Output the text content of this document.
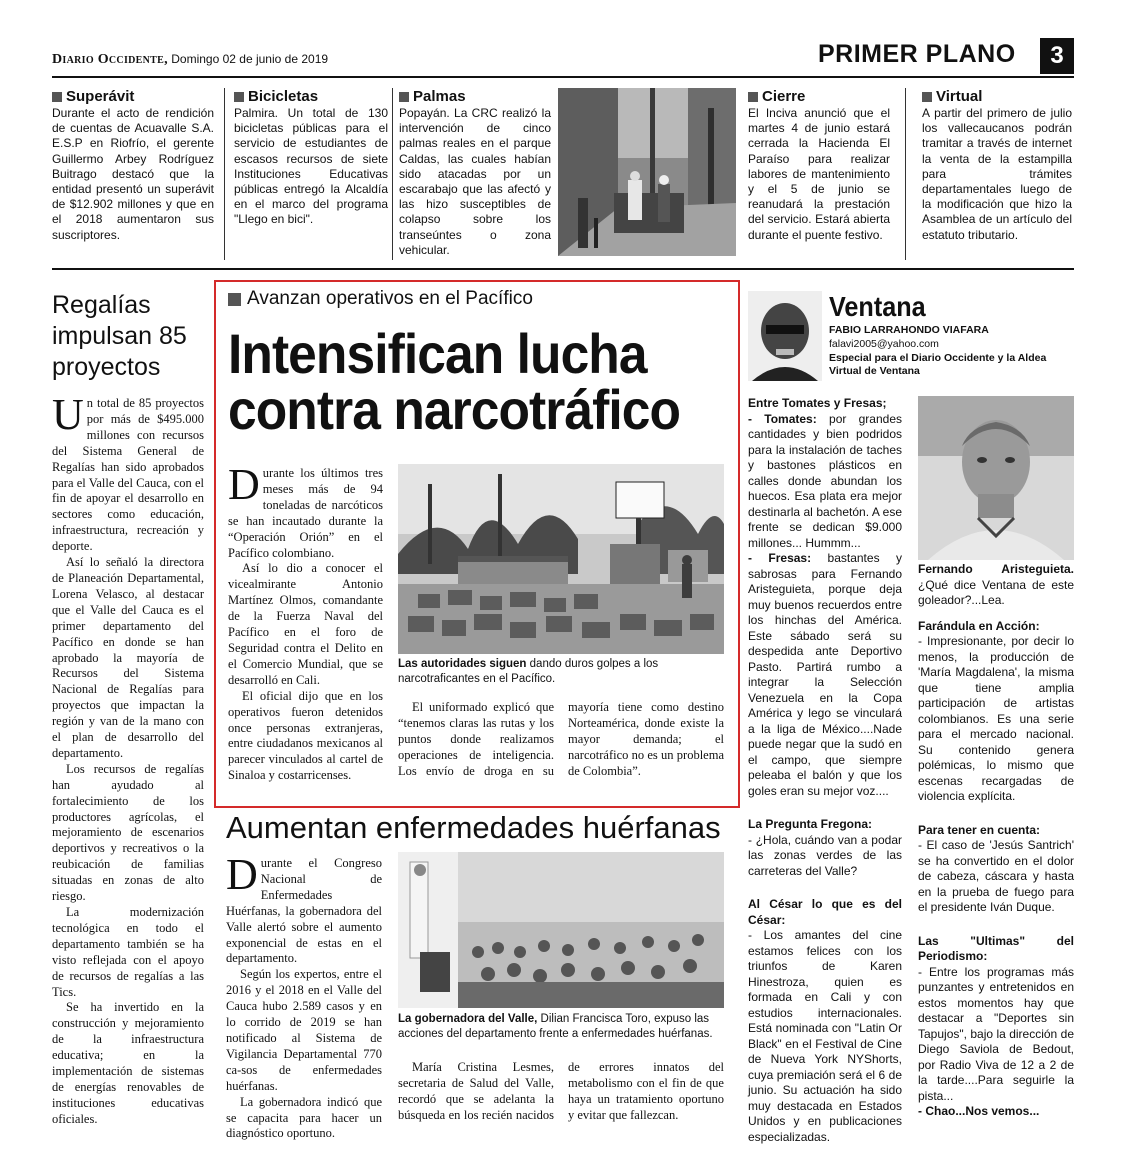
Diario Occidente, Domingo 02 de junio de 2019	PRIMER PLANO	3
Superávit
Durante el acto de rendición de cuentas de Acuavalle S.A. E.S.P en Riofrío, el gerente Guillermo Arbey Rodríguez Buitrago destacó que la entidad presentó un superávit de $12.902 millones y que en el 2018 aumentaron sus suscriptores.
Bicicletas
Palmira. Un total de 130 bicicletas públicas para el servicio de estudiantes de escasos recursos de siete Instituciones Educativas públicas entregó la Alcaldía en el marco del programa "Llego en bici".
Palmas
Popayán. La CRC realizó la intervención de cinco palmas reales en el parque Caldas, las cuales habían sido atacadas por un escarabajo que las afectó y las hizo susceptibles de colapso sobre los transeúntes o zona vehicular.
Cierre
El Inciva anunció que el martes 4 de junio estará cerrada la Hacienda El Paraíso para realizar labores de mantenimiento y el 5 de junio se reanudará la prestación del servicio. Estará abierta durante el puente festivo.
Virtual
A partir del primero de julio los vallecaucanos podrán tramitar a través de internet la venta de la estampilla para trámites departamentales luego de la modificación que hizo la Asamblea de un artículo del estatuto tributario.
Regalías impulsan 85 proyectos

Un total de 85 proyectos por más de $495.000 millones con recursos del Sistema General de Regalías han sido aprobados para el Valle del Cauca, con el fin de apoyar el desarrollo en sectores como educación, infraestructura, recreación y deporte.

Así lo señaló la directora de Planeación Departamental, Lorena Velasco, al destacar que el Valle del Cauca es el primer departamento del Pacífico en donde se han aprobado la mayoría de Recursos del Sistema Nacional de Regalías para proyectos que impactan la región y van de la mano con el plan de desarrollo del departamento.

Los recursos de regalías han ayudado al fortalecimiento de los productores agrícolas, el mejoramiento de escenarios deportivos y recreativos o la reubicación de familias situadas en zonas de alto riesgo.

La modernización tecnológica en todo el departamento también se ha visto reflejada con el apoyo de recursos de regalías a las Tics.

Se ha invertido en la construcción y mejoramiento de la infraestructura educativa; en la implementación de sistemas de energías renovables de instituciones educativas oficiales.

Avanzan operativos en el Pacífico
Intensifican lucha
contra narcotráfico

Durante los últimos tres meses más de 94 toneladas de narcóticos se han incautado durante la “Operación Orión” en el Pacífico colombiano.

Así lo dio a conocer el vicealmirante Antonio Martínez Olmos, comandante de la Fuerza Naval del Pacífico en el foro de Seguridad contra el Delito en el Comercio Mundial, que se desarrolló en Cali.

El oficial dijo que en los operativos fueron detenidos once personas extranjeras, entre ciudadanos mexicanos al parecer vinculados al cartel de Sinaloa y costarricenses.

Las autoridades siguen dando duros golpes a los narcotraficantes en el Pacífico.

El uniformado explicó que “tenemos claras las rutas y los puntos donde realizamos operaciones de inteligencia. Los envío de droga en su mayoría tiene como destino Norteamérica, donde existe la mayor demanda; el narcotráfico no es un problema de Colombia”.

Aumentan enfermedades huérfanas

Durante el Congreso Nacional de Enfermedades Huérfanas, la gobernadora del Valle alertó sobre el aumento exponencial de estas en el departamento.

Según los expertos, entre el 2016 y el 2018 en el Valle del Cauca hubo 2.589 casos y en lo corrido de 2019 se han notificado al Sistema de Vigilancia Departamental 770 ca-sos de enfermedades huérfanas.

La gobernadora indicó que se capacita para hacer un diagnóstico oportuno.

La gobernadora del Valle, Dilian Francisca Toro, expuso las acciones del departamento frente a enfermedades huérfanas.

María Cristina Lesmes, secretaria de Salud del Valle, recordó que se adelanta la búsqueda en los recién nacidos de errores innatos del metabolismo con el fin de que haya un tratamiento oportuno y evitar que fallezcan.

Ventana
FABIO LARRAHONDO VIAFARA
falavi2005@yahoo.com
Especial para el Diario Occidente y la Aldea Virtual de Ventana

Entre Tomates y Fresas;

- Tomates: por grandes cantidades y bien podridos para la instalación de taches y bastones plásticos en calles donde abundan los huecos. Esa plata era mejor destinarla al bachetón. A ese frente se dedican $9.000 millones... Hummm...

- Fresas: bastantes y sabrosas para Fernando Aristeguieta, porque deja muy buenos recuerdos entre los hinchas del América. Este sábado será su despedida ante Deportivo Pasto. Partirá rumbo a integrar la Selección Venezuela en la Copa América y lego se vinculará a la liga de México....Nade puede negar que la sudó en el campo, que siempre peleaba el balón y que los goles eran su mejor voz....

La Pregunta Fregona:

- ¿Hola, cuándo van a podar las zonas verdes de las carreteras del Valle?

Al César lo que es del César:

- Los amantes del cine estamos felices con los triunfos de Karen Hinestroza, quien es formada en Cali y con estudios internacionales. Está nominada con "Latin Or Black" en el Festival de Cine de Nueva York NYShorts, cuya premiación será el 6 de junio. Su actuación ha sido muy destacada en Estados Unidos y en publicaciones especializadas.

Fernando Aristeguieta. ¿Qué dice Ventana de este goleador?...Lea.

Farándula en Acción:

- Impresionante, por decir lo menos, la producción de 'María Magdalena', la misma que tiene amplia participación de artistas colombianos. Es una serie para el mercado nacional. Su contenido genera polémicas, lo mismo que escenas recargadas de violencia explícita.

Para tener en cuenta:

- El caso de 'Jesús Santrich' se ha convertido en el dolor de cabeza, cáscara y hasta en la prueba de fuego para el presidente Iván Duque.

Las "Ultimas" del Periodismo:

- Entre los programas más punzantes y entretenidos en estos momentos hay que destacar a "Deportes sin Tapujos", bajo la dirección de Diego Saviola de Bedout, por Radio Viva de 12 a 2 de la tarde....Para seguirle la pista...

- Chao...Nos vemos...
